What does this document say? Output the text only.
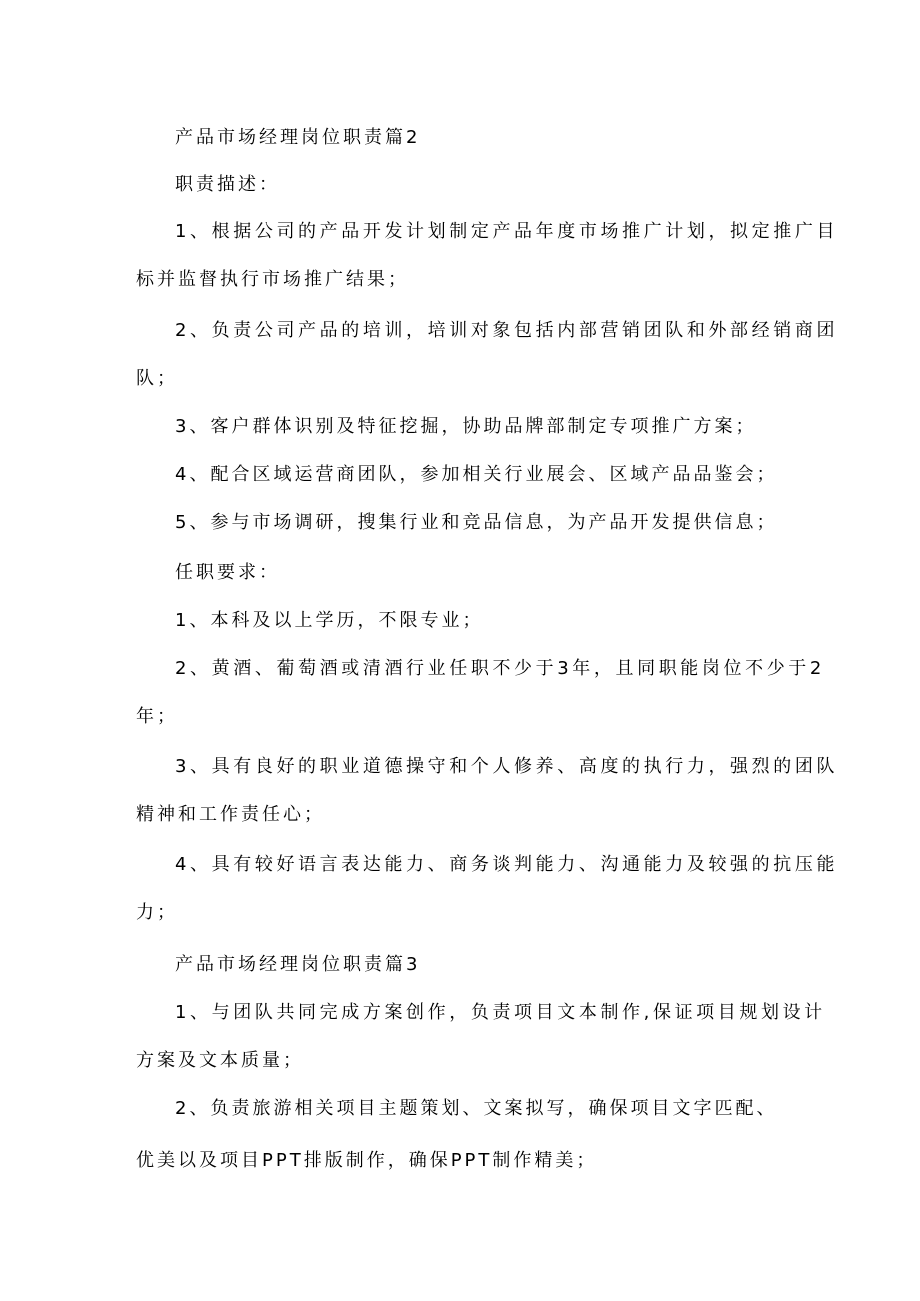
产品市场经理岗位职责篇2

职责描述：

1、根据公司的产品开发计划制定产品年度市场推广计划，拟定推广目

标并监督执行市场推广结果；

2、负责公司产品的培训，培训对象包括内部营销团队和外部经销商团

队；

3、客户群体识别及特征挖掘，协助品牌部制定专项推广方案；

4、配合区域运营商团队，参加相关行业展会、区域产品品鉴会；

5、参与市场调研，搜集行业和竞品信息，为产品开发提供信息；

任职要求：

1、本科及以上学历，不限专业；

2、黄酒、葡萄酒或清酒行业任职不少于3年，且同职能岗位不少于2

年；

3、具有良好的职业道德操守和个人修养、高度的执行力，强烈的团队

精神和工作责任心；

4、具有较好语言表达能力、商务谈判能力、沟通能力及较强的抗压能

力；

产品市场经理岗位职责篇3

1、与团队共同完成方案创作，负责项目文本制作,保证项目规划设计

方案及文本质量；

2、负责旅游相关项目主题策划、文案拟写，确保项目文字匹配、

优美以及项目PPT排版制作，确保PPT制作精美；
